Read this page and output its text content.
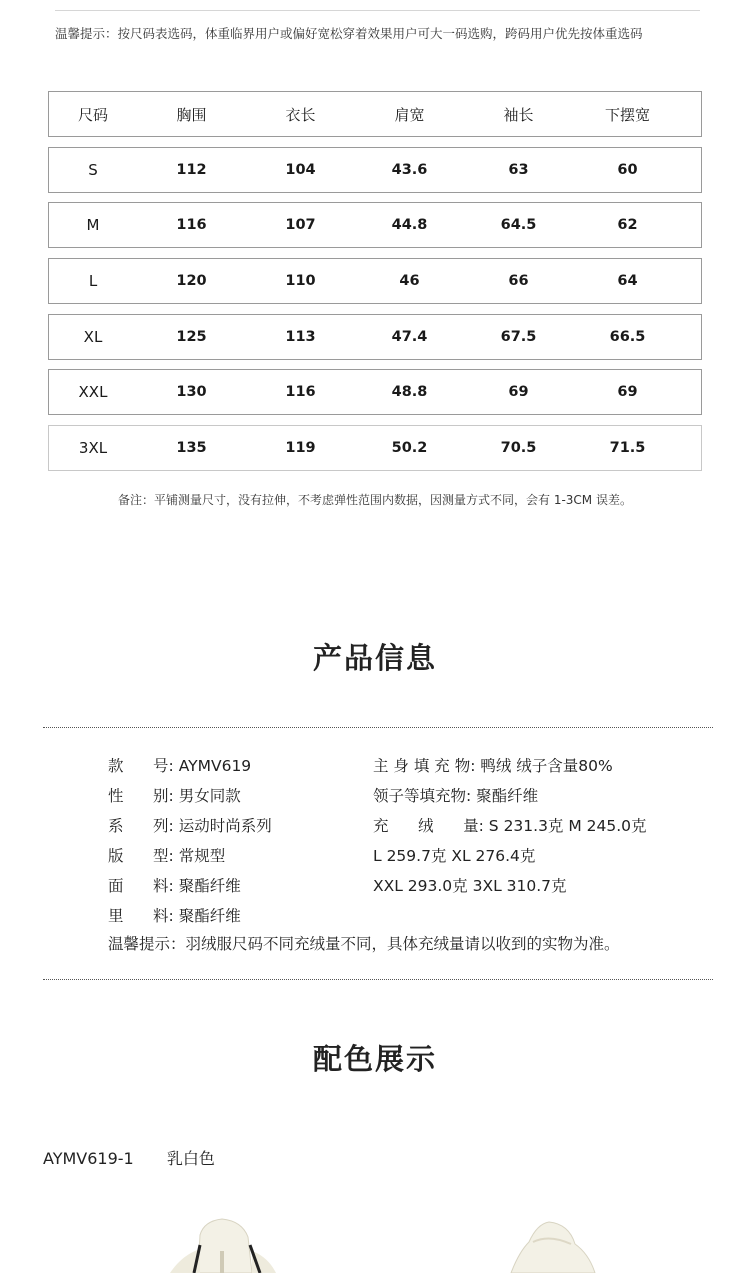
温馨提示：按尺码表选码，体重临界用户或偏好宽松穿着效果用户可大一码选购，跨码用户优先按体重选码
尺码	胸围	衣长	肩宽	袖长	下摆宽
S	112	104	43.6	63	60
M	116	107	44.8	64.5	62
L	120	110	46	66	64
XL	125	113	47.4	67.5	66.5
XXL	130	116	48.8	69	69
3XL	135	119	50.2	70.5	71.5
备注：平铺测量尺寸，没有拉伸，不考虑弹性范围内数据，因测量方式不同，会有 1-3CM 误差。
产品信息
款      号: AYMV619
性      别: 男女同款
系      列: 运动时尚系列
版      型: 常规型
面      料: 聚酯纤维
里      料: 聚酯纤维
主 身 填 充 物: 鸭绒 绒子含量80%
领子等填充物: 聚酯纤维
充      绒      量: S 231.3克 M 245.0克
L 259.7克 XL 276.4克
XXL 293.0克 3XL 310.7克
温馨提示：羽绒服尺码不同充绒量不同，具体充绒量请以收到的实物为准。
配色展示
AYMV619-1 乳白色
